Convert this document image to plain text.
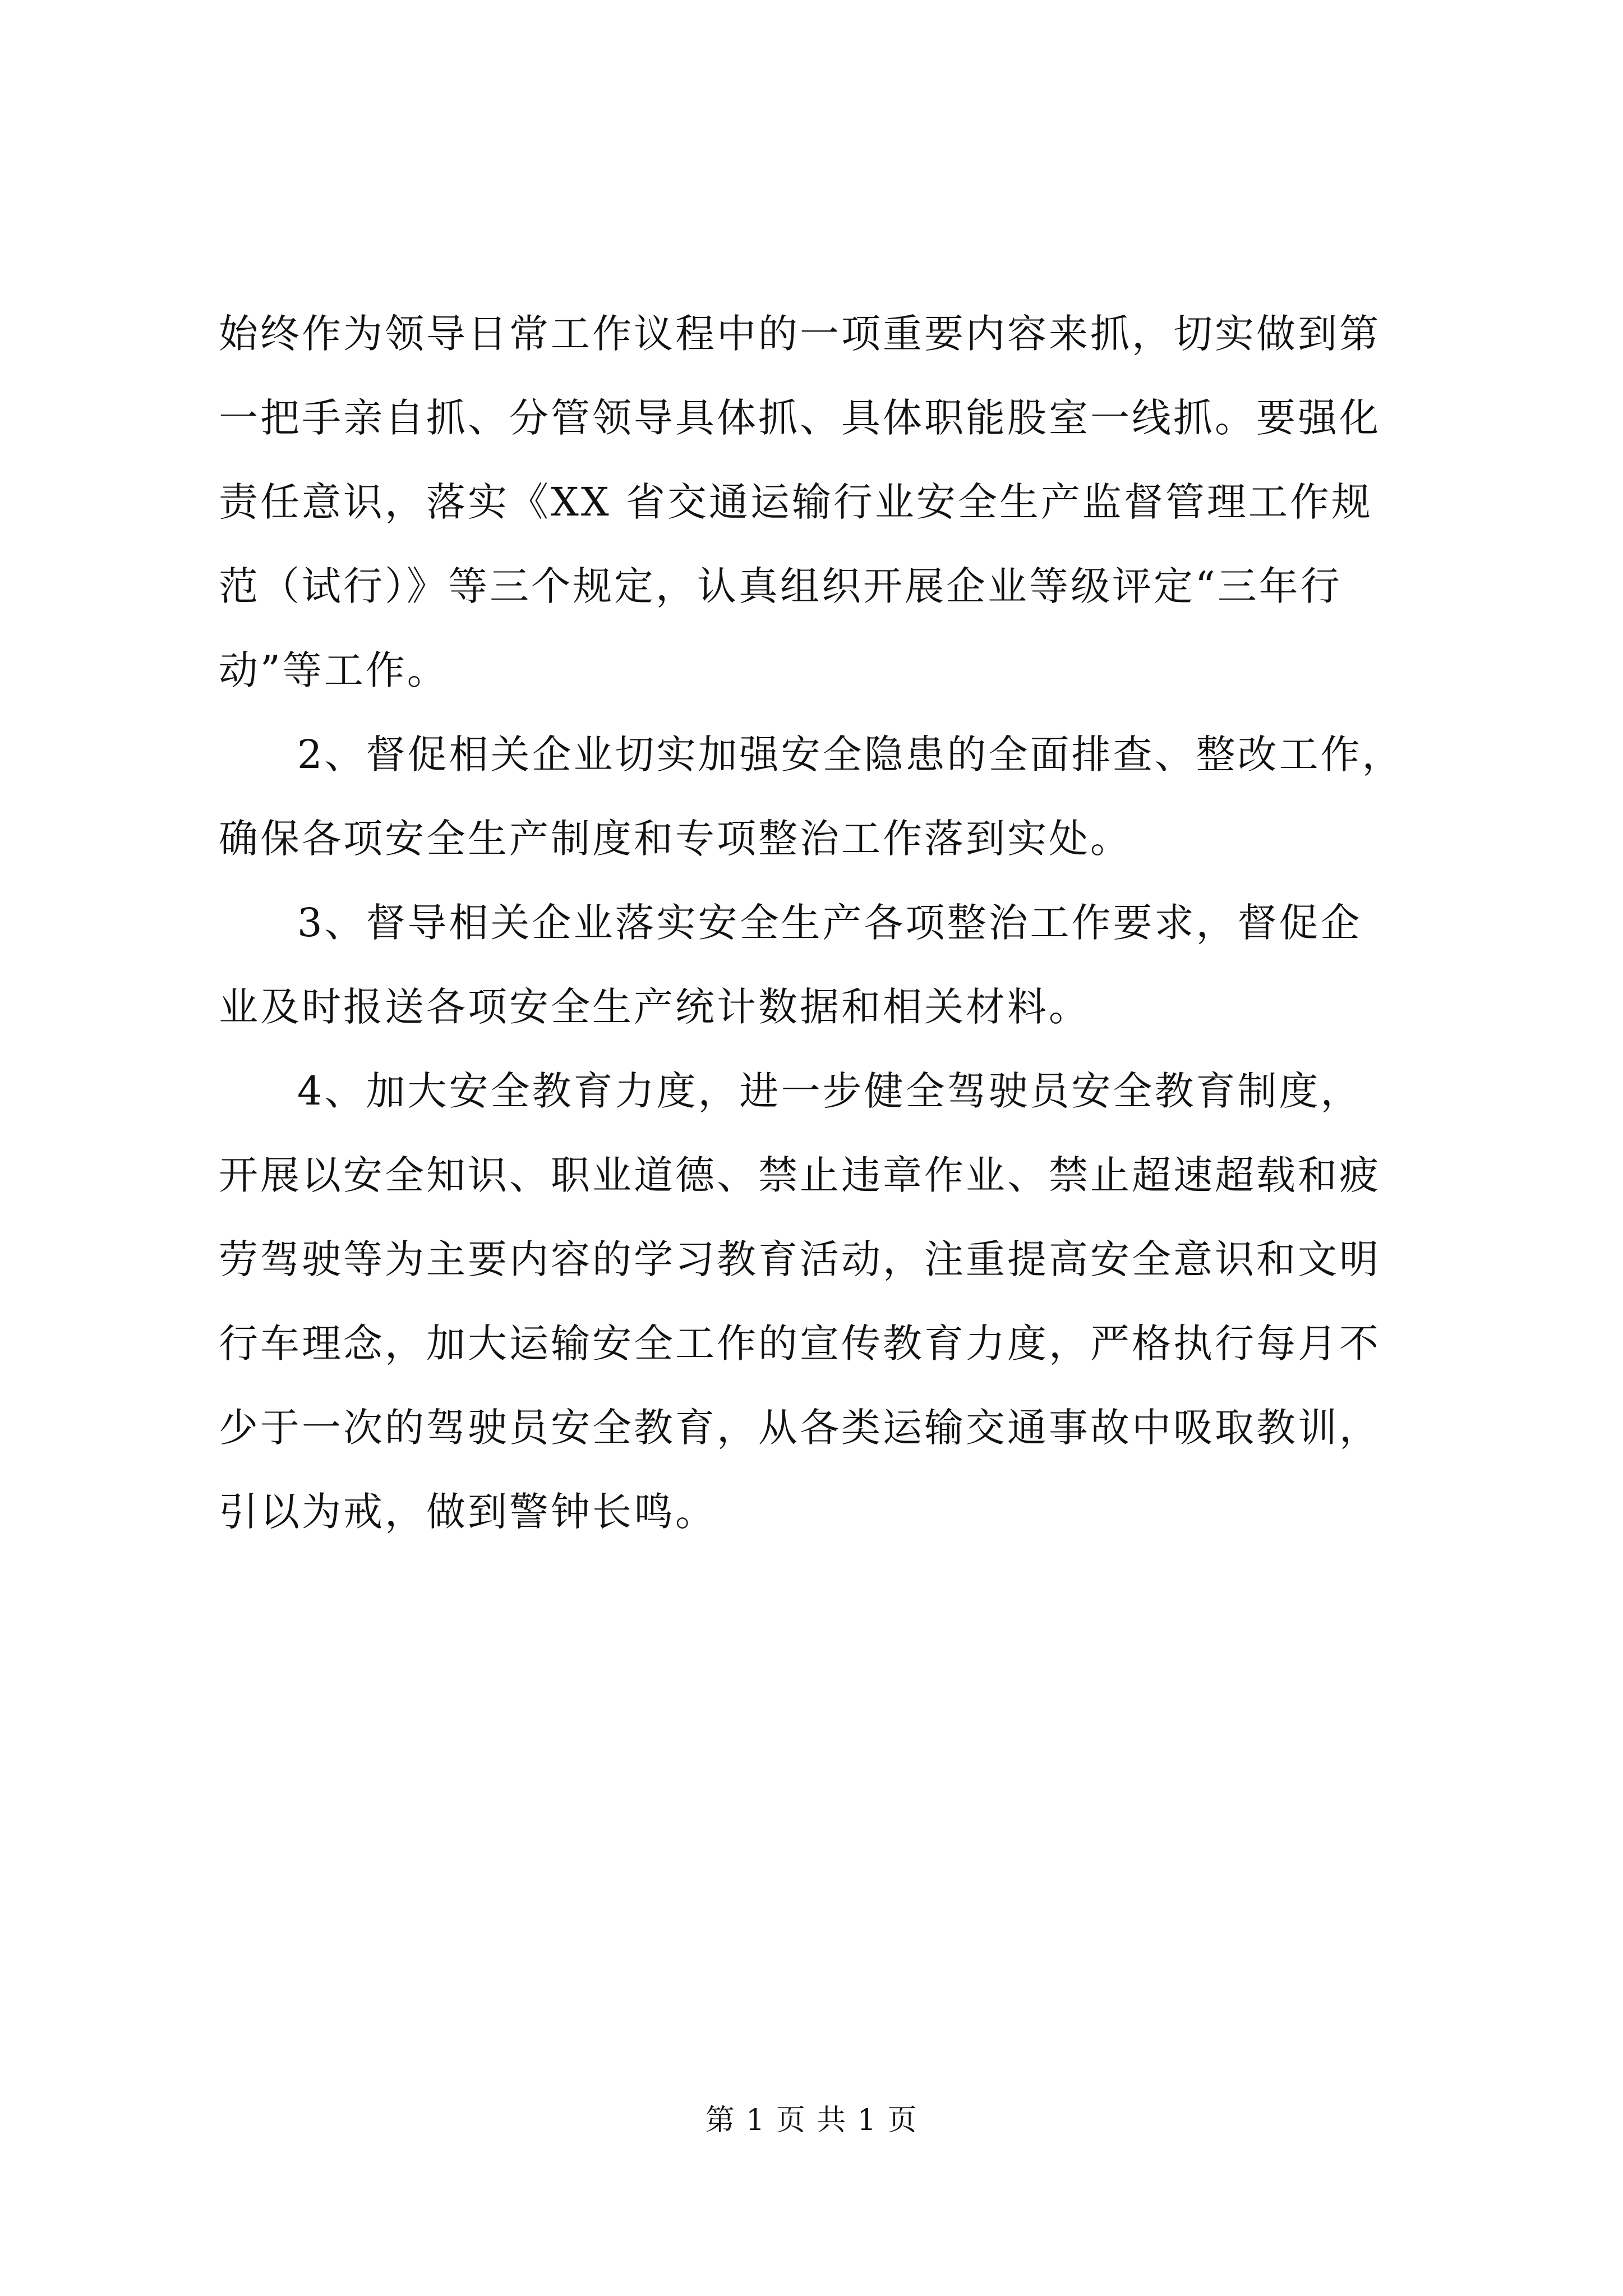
始终作为领导日常工作议程中的一项重要内容来抓，切实做到第
一把手亲自抓、分管领导具体抓、具体职能股室一线抓。要强化
责任意识，落实《XX 省交通运输行业安全生产监督管理工作规
范（试行）》等三个规定，认真组织开展企业等级评定“三年行
动”等工作。
2、督促相关企业切实加强安全隐患的全面排查、整改工作，
确保各项安全生产制度和专项整治工作落到实处。
3、督导相关企业落实安全生产各项整治工作要求，督促企
业及时报送各项安全生产统计数据和相关材料。
4、加大安全教育力度，进一步健全驾驶员安全教育制度，
开展以安全知识、职业道德、禁止违章作业、禁止超速超载和疲
劳驾驶等为主要内容的学习教育活动，注重提高安全意识和文明
行车理念，加大运输安全工作的宣传教育力度，严格执行每月不
少于一次的驾驶员安全教育，从各类运输交通事故中吸取教训，
引以为戒，做到警钟长鸣。
第 1 页 共 1 页
